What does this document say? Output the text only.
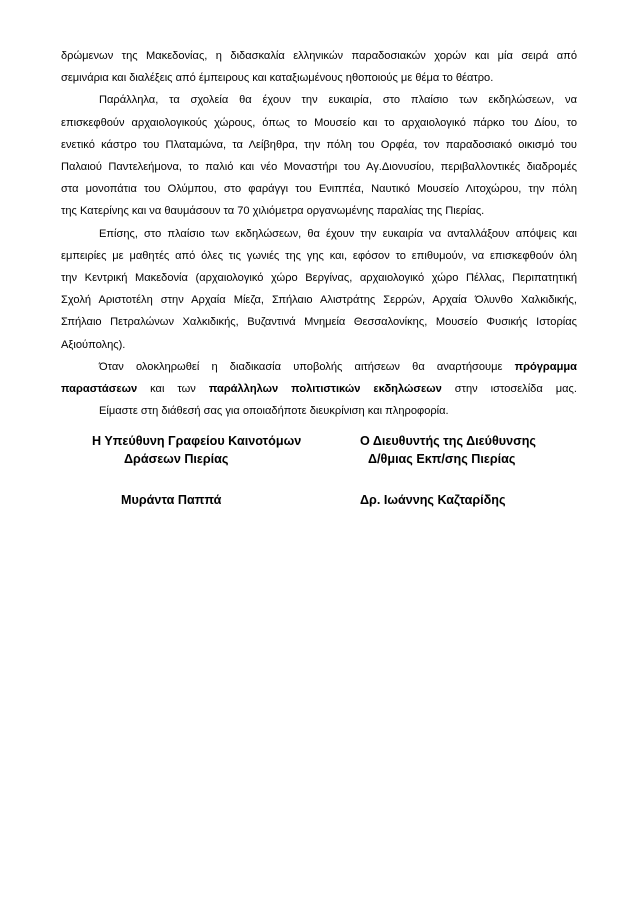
δρώμενων της Μακεδονίας, η διδασκαλία ελληνικών παραδοσιακών χορών και μία σειρά από
σεμινάρια και διαλέξεις από έμπειρους και καταξιωμένους ηθοποιούς με θέμα το θέατρο.

Παράλληλα, τα σχολεία θα έχουν την ευκαιρία, στο πλαίσιο των εκδηλώσεων, να
επισκεφθούν αρχαιολογικούς χώρους, όπως το Μουσείο και το αρχαιολογικό πάρκο του Δίου, το
ενετικό κάστρο του Πλαταμώνα, τα Λείβηθρα, την πόλη του Ορφέα, τον παραδοσιακό οικισμό του
Παλαιού Παντελεήμονα, το παλιό και νέο Μοναστήρι του Αγ.Διονυσίου, περιβαλλοντικές διαδρομές
στα μονοπάτια του Ολύμπου, στο φαράγγι του Ενιππέα, Ναυτικό Μουσείο Λιτοχώρου, την πόλη
της Κατερίνης και να θαυμάσουν τα 70 χιλιόμετρα οργανωμένης παραλίας της Πιερίας.

Επίσης, στο πλαίσιο των εκδηλώσεων, θα έχουν την ευκαιρία να ανταλλάξουν απόψεις και
εμπειρίες με μαθητές από όλες τις γωνιές της γης και, εφόσον το επιθυμούν, να επισκεφθούν όλη
την Κεντρική Μακεδονία (αρχαιολογικό χώρο Βεργίνας, αρχαιολογικό χώρο Πέλλας, Περιπατητική
Σχολή Αριστοτέλη στην Αρχαία Μίεζα, Σπήλαιο Αλιστράτης Σερρών, Αρχαία Όλυνθο Χαλκιδικής,
Σπήλαιο Πετραλώνων Χαλκιδικής, Βυζαντινά Μνημεία Θεσσαλονίκης, Μουσείο Φυσικής Ιστορίας
Αξιούπολης).

Όταν ολοκληρωθεί η διαδικασία υποβολής αιτήσεων θα αναρτήσουμε πρόγραμμα
παραστάσεων και των παράλληλων πολιτιστικών εκδηλώσεων στην ιστοσελίδα μας.

Είμαστε στη διάθεσή σας για οποιαδήποτε διευκρίνιση και πληροφορία.

Η Υπεύθυνη Γραφείου Καινοτόμων
Δράσεων Πιερίας
Μυράντα Παππά
Ο Διευθυντής της Διεύθυνσης
Δ/θμιας Εκπ/σης Πιερίας
Δρ. Ιωάννης Καζταρίδης
